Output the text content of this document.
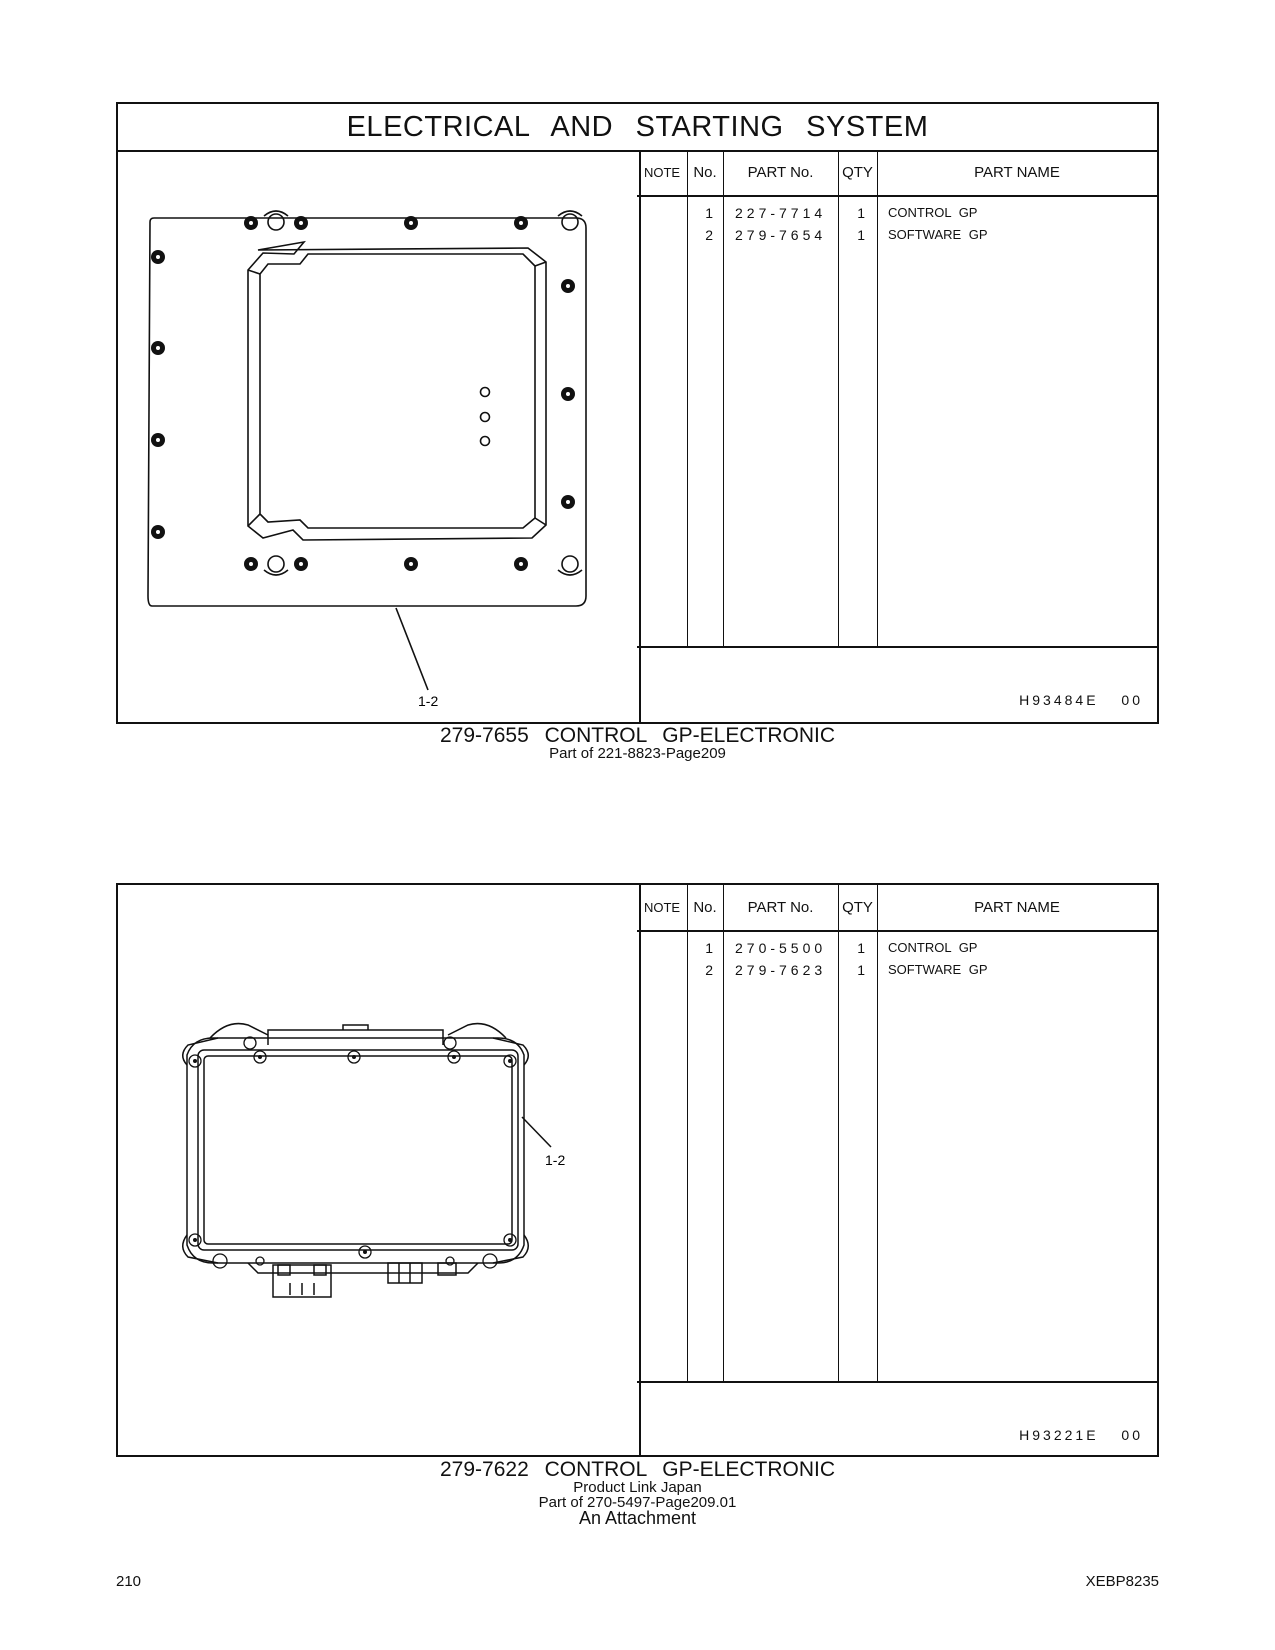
ELECTRICAL AND STARTING SYSTEM
1-2
NOTE No.	PART No.	QTY	PART NAME
1 227-7714	1 CONTROL GP
2 279-7654	1 SOFTWARE GP
H93484E 00
279-7655 CONTROL GP-ELECTRONIC
Part of 221-8823-Page209
1-2
NOTE No.	PART No.	QTY	PART NAME
1 270-5500	1 CONTROL GP
2 279-7623	1 SOFTWARE GP
H93221E 00
279-7622 CONTROL GP-ELECTRONIC
Product Link Japan
Part of 270-5497-Page209.01
An Attachment
210	XEBP8235
